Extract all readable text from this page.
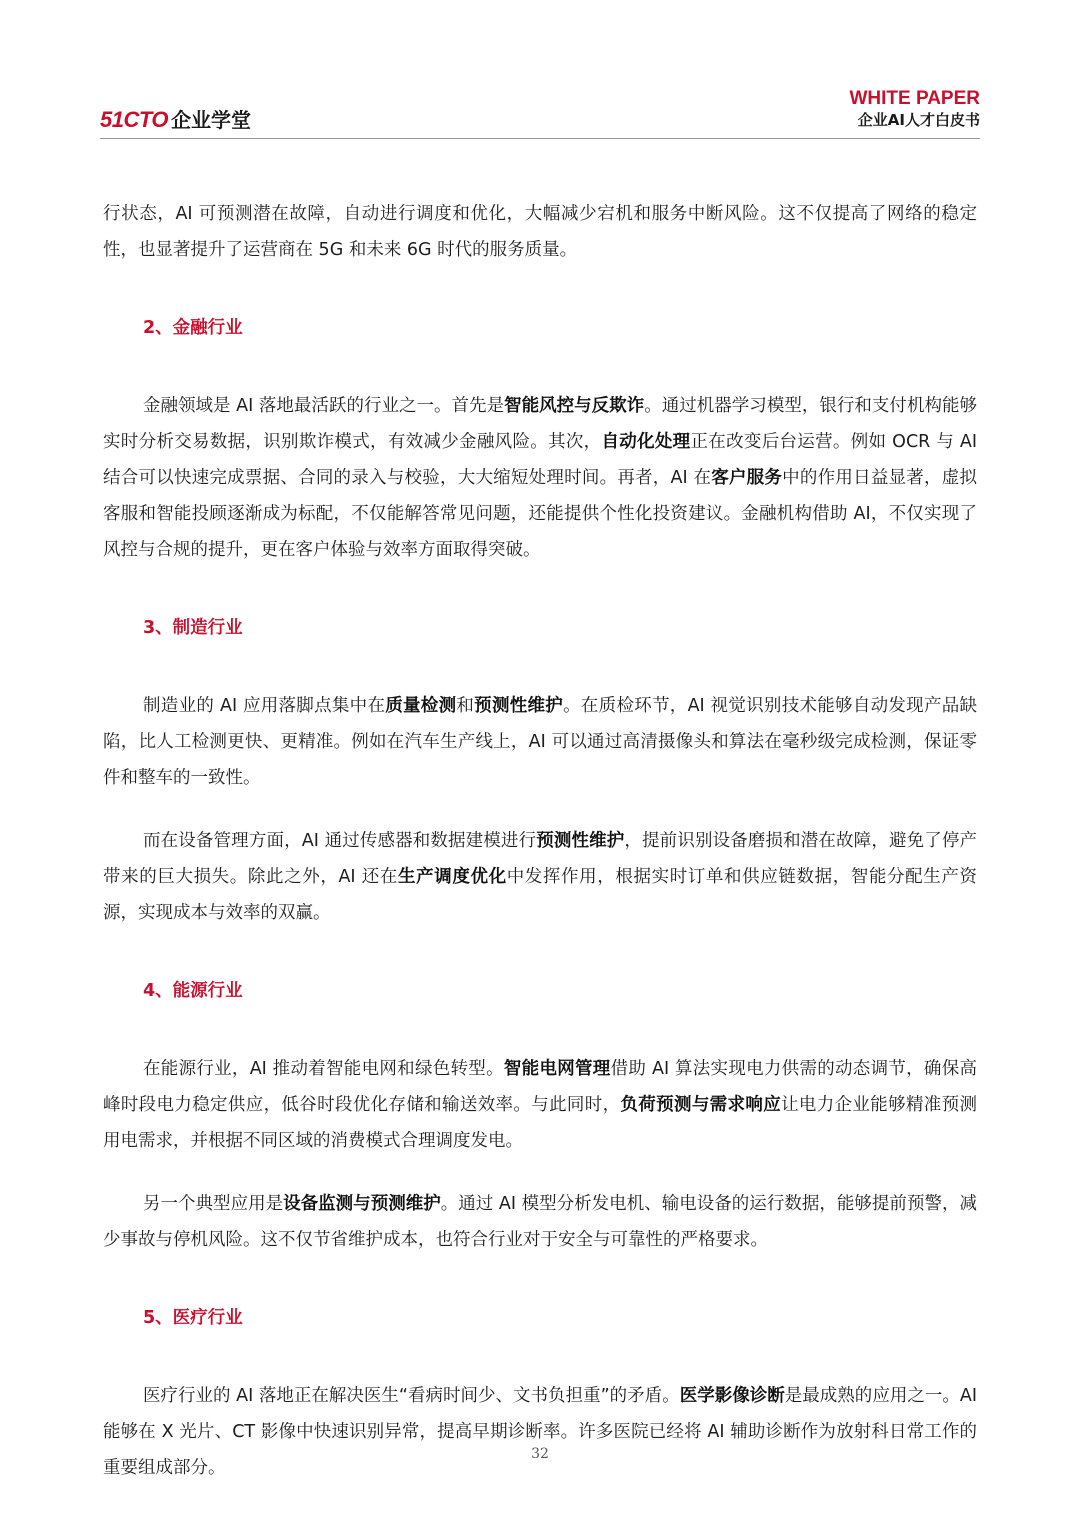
51CTO 企业学堂
WHITE PAPER
企业AI人才白皮书

行状态，AI 可预测潜在故障，自动进行调度和优化，大幅减少宕机和服务中断风险。这不仅提高了网络的稳定性，也显著提升了运营商在 5G 和未来 6G 时代的服务质量。

2、金融行业

金融领域是 AI 落地最活跃的行业之一。首先是智能风控与反欺诈。通过机器学习模型，银行和支付机构能够实时分析交易数据，识别欺诈模式，有效减少金融风险。其次，自动化处理正在改变后台运营。例如 OCR 与 AI 结合可以快速完成票据、合同的录入与校验，大大缩短处理时间。再者，AI 在客户服务中的作用日益显著，虚拟客服和智能投顾逐渐成为标配，不仅能解答常见问题，还能提供个性化投资建议。金融机构借助 AI，不仅实现了风控与合规的提升，更在客户体验与效率方面取得突破。

3、制造行业

制造业的 AI 应用落脚点集中在质量检测和预测性维护。在质检环节，AI 视觉识别技术能够自动发现产品缺陷，比人工检测更快、更精准。例如在汽车生产线上，AI 可以通过高清摄像头和算法在毫秒级完成检测，保证零件和整车的一致性。

而在设备管理方面，AI 通过传感器和数据建模进行预测性维护，提前识别设备磨损和潜在故障，避免了停产带来的巨大损失。除此之外，AI 还在生产调度优化中发挥作用，根据实时订单和供应链数据，智能分配生产资源，实现成本与效率的双赢。

4、能源行业

在能源行业，AI 推动着智能电网和绿色转型。智能电网管理借助 AI 算法实现电力供需的动态调节，确保高峰时段电力稳定供应，低谷时段优化存储和输送效率。与此同时，负荷预测与需求响应让电力企业能够精准预测用电需求，并根据不同区域的消费模式合理调度发电。

另一个典型应用是设备监测与预测维护。通过 AI 模型分析发电机、输电设备的运行数据，能够提前预警，减少事故与停机风险。这不仅节省维护成本，也符合行业对于安全与可靠性的严格要求。

5、医疗行业

医疗行业的 AI 落地正在解决医生“看病时间少、文书负担重”的矛盾。医学影像诊断是最成熟的应用之一。AI 能够在 X 光片、CT 影像中快速识别异常，提高早期诊断率。许多医院已经将 AI 辅助诊断作为放射科日常工作的重要组成部分。

32
